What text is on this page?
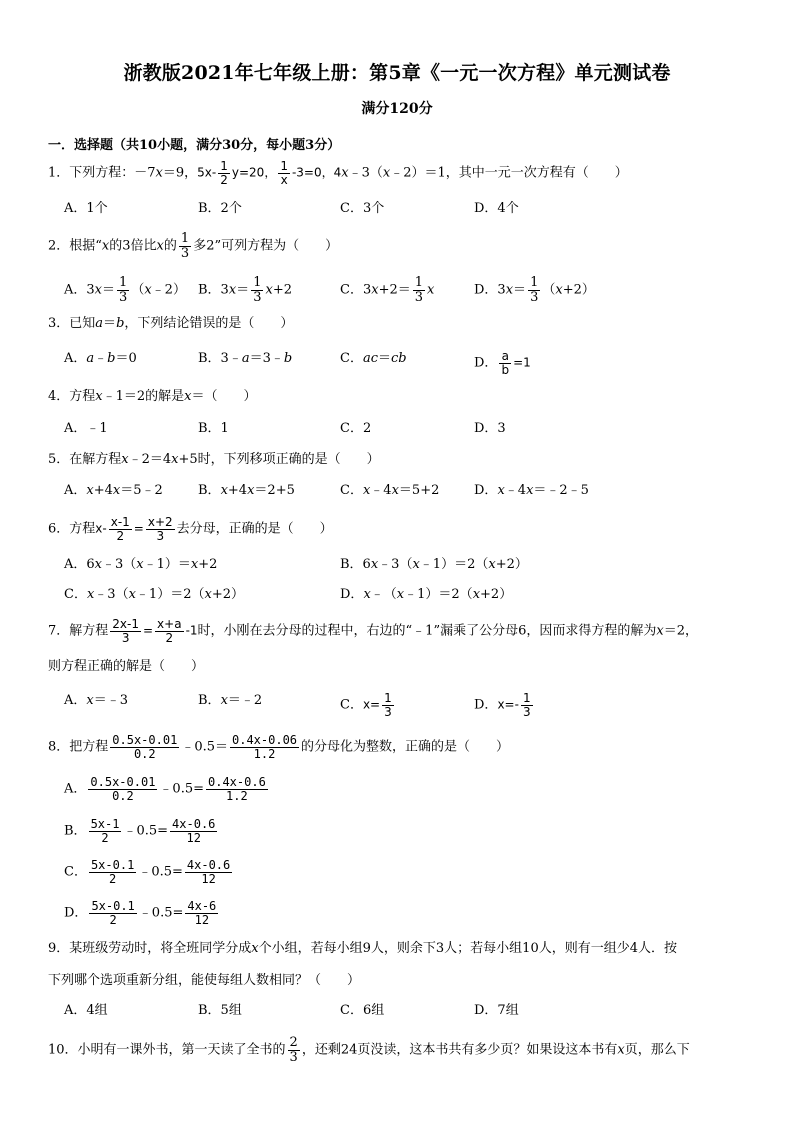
浙教版2021年七年级上册：第5章《一元一次方程》单元测试卷
满分120分
一．选择题（共10小题，满分30分，每小题3分）
1．下列方程：－7x＝9，$5x- \frac{1}{2} y=20$， $\frac{1}{x} -3=0$，4x﹣3（x﹣2）＝1，其中一元一次方程有（　　）
A．1个	B．2个	C．3个	D．4个
2．根据“x的3倍比x的 $\frac{1}{3}$ 多2”可列方程为（　　）
A．$3x= \frac{1}{3}$ （x﹣2） B．$3x= \frac{1}{3} x+2$	C．$3x+2= \frac{1}{3}$ x	D．$3x= \frac{1}{3} (x+2)$
3．已知a＝b，下列结论错误的是（　　）
A．a﹣b＝0	B．3﹣a＝3﹣b	C．ac＝cb	D． $\frac{a}{b} =1$
4．方程x﹣1＝2的解是x＝（　　）
A．﹣1	B．1	C．2	D．3
5．在解方程x﹣2＝4x+5时，下列移项正确的是（　　）
A．x+4x＝5﹣2	B．x+4x＝2+5	C．x﹣4x＝5+2	D．x﹣4x＝﹣2﹣5
6．方程$x- \frac{x-1}{2} = \frac{x+2}{3}$ 去分母，正确的是（　　）
A．6x﹣3（x﹣1）＝x+2	B．6x﹣3（x﹣1）＝2（x+2）
C．x﹣3（x﹣1）＝2（x+2）	D．x﹣（x﹣1）＝2（x+2）
7．解方程 $\frac{2x-1}{3} = \frac{x+a}{2} -1$时，小刚在去分母的过程中，右边的“﹣1”漏乘了公分母6，因而求得方程的解为x＝2，
则方程正确的解是（　　）
A．x＝﹣3	B．x＝﹣2	C．$x= \frac{1}{3}$	D．$x=- \frac{1}{3}$
8．把方程 $\frac{0.5x-0.01}{0.2}$ ﹣0.5＝ $\frac{0.4x-0.06}{1.2}$ 的分母化为整数，正确的是（　　）
A． $\frac{0.5x-0.01}{0.2}$ ﹣0.5= $\frac{0.4x-0.6}{1.2}$
B． $\frac{5x-1}{2}$ ﹣0.5= $\frac{4x-0.6}{12}$
C． $\frac{5x-0.1}{2}$ ﹣0.5= $\frac{4x-0.6}{12}$
D． $\frac{5x-0.1}{2}$ ﹣0.5= $\frac{4x-6}{12}$
9．某班级劳动时，将全班同学分成x个小组，若每小组9人，则余下3人；若每小组10人，则有一组少4人．按
下列哪个选项重新分组，能使每组人数相同？（　　）
A．4组	B．5组	C．6组	D．7组
10．小明有一课外书，第一天读了全书的 $\frac{2}{3}$ ，还剩24页没读，这本书共有多少页？如果设这本书有x页，那么下
